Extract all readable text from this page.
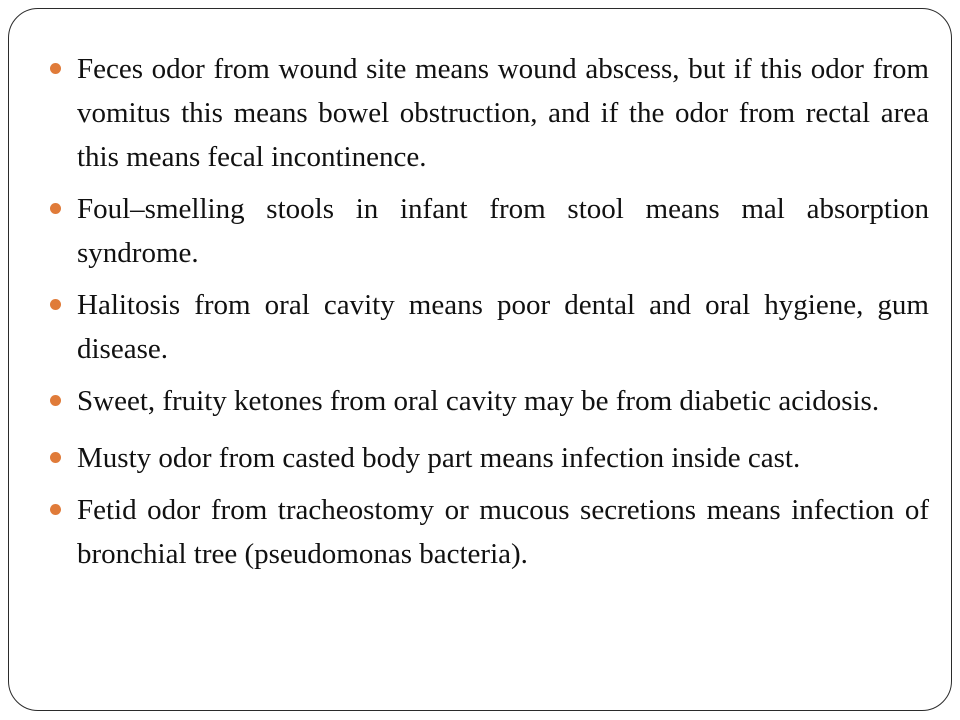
Feces odor from wound site means wound abscess, but if this odor from vomitus this means bowel obstruction, and if the odor from rectal area this means fecal incontinence.
Foul–smelling stools in infant from stool means mal absorption syndrome.
Halitosis from oral cavity means poor dental and oral hygiene, gum disease.
Sweet, fruity ketones from oral cavity may be from diabetic acidosis.
Musty odor from casted body part means infection inside cast.
Fetid odor from tracheostomy or mucous secretions means infection of bronchial tree (pseudomonas bacteria).
